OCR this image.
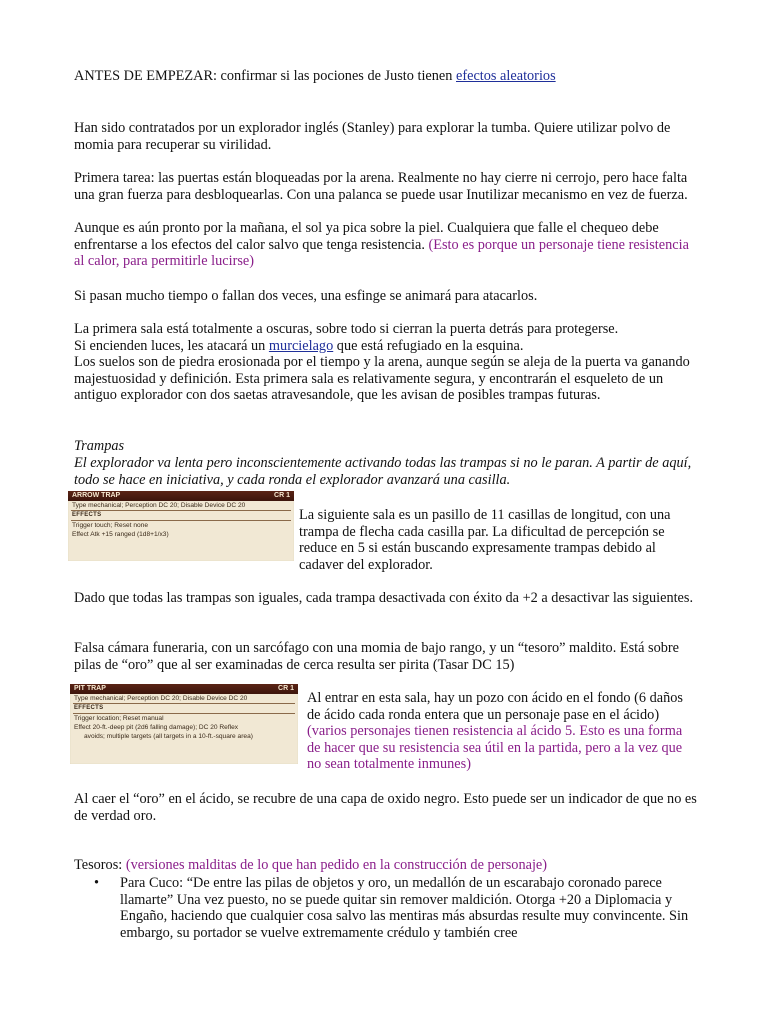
ANTES DE EMPEZAR: confirmar si las pociones de Justo tienen efectos aleatorios

Han sido contratados por un explorador inglés (Stanley) para explorar la tumba. Quiere utilizar polvo de momia para recuperar su virilidad.

Primera tarea: las puertas están bloqueadas por la arena. Realmente no hay cierre ni cerrojo, pero hace falta una gran fuerza para desbloquearlas. Con una palanca se puede usar Inutilizar mecanismo en vez de fuerza.

Aunque es aún pronto por la mañana, el sol ya pica sobre la piel. Cualquiera que falle el chequeo debe enfrentarse a los efectos del calor salvo que tenga resistencia. (Esto es porque un personaje tiene resistencia al calor, para permitirle lucirse)

Si pasan mucho tiempo o fallan dos veces, una esfinge se animará para atacarlos.

La primera sala está totalmente a oscuras, sobre todo si cierran la puerta detrás para protegerse.
Si encienden luces, les atacará un murcielago que está refugiado en la esquina.
Los suelos son de piedra erosionada por el tiempo y la arena, aunque según se aleja de la puerta va ganando majestuosidad y definición. Esta primera sala es relativamente segura, y encontrarán el esqueleto de un antiguo explorador con dos saetas atravesandole, que les avisan de posibles trampas futuras.
Trampas
El explorador va lenta pero inconscientemente activando todas las trampas si no le paran. A partir de aquí, todo se hace en iniciativa, y cada ronda el explorador avanzará una casilla.
ARROW TRAP	CR 1
Type mechanical; Perception DC 20; Disable Device DC 20
EFFECTS
Trigger touch; Reset none
Effect Atk +15 ranged (1d8+1/x3)

La siguiente sala es un pasillo de 11 casillas de longitud, con una trampa de flecha cada casilla par. La dificultad de percepción se reduce en 5 si están buscando expresamente trampas debido al cadaver del explorador.

Dado que todas las trampas son iguales, cada trampa desactivada con éxito da +2 a desactivar las siguientes.

Falsa cámara funeraria, con un sarcófago con una momia de bajo rango, y un “tesoro” maldito. Está sobre pilas de “oro” que al ser examinadas de cerca resulta ser pirita (Tasar DC 15)

PIT TRAP	CR 1
Type mechanical; Perception DC 20; Disable Device DC 20
EFFECTS
Trigger location; Reset manual
Effect 20-ft.-deep pit (2d6 falling damage); DC 20 Reflex
avoids; multiple targets (all targets in a 10-ft.-square area)

Al entrar en esta sala, hay un pozo con ácido en el fondo (6 daños de ácido cada ronda entera que un personaje pase en el ácido) (varios personajes tienen resistencia al ácido 5. Esto es una forma de hacer que su resistencia sea útil en la partida, pero a la vez que no sean totalmente inmunes)

Al caer el “oro” en el ácido, se recubre de una capa de oxido negro. Esto puede ser un indicador de que no es de verdad oro.

Tesoros: (versiones malditas de lo que han pedido en la construcción de personaje)

• Para Cuco: “De entre las pilas de objetos y oro, un medallón de un escarabajo coronado parece llamarte” Una vez puesto, no se puede quitar sin remover maldición. Otorga +20 a Diplomacia y Engaño, haciendo que cualquier cosa salvo las mentiras más absurdas resulte muy convincente. Sin embargo, su portador se vuelve extremamente crédulo y también cree
